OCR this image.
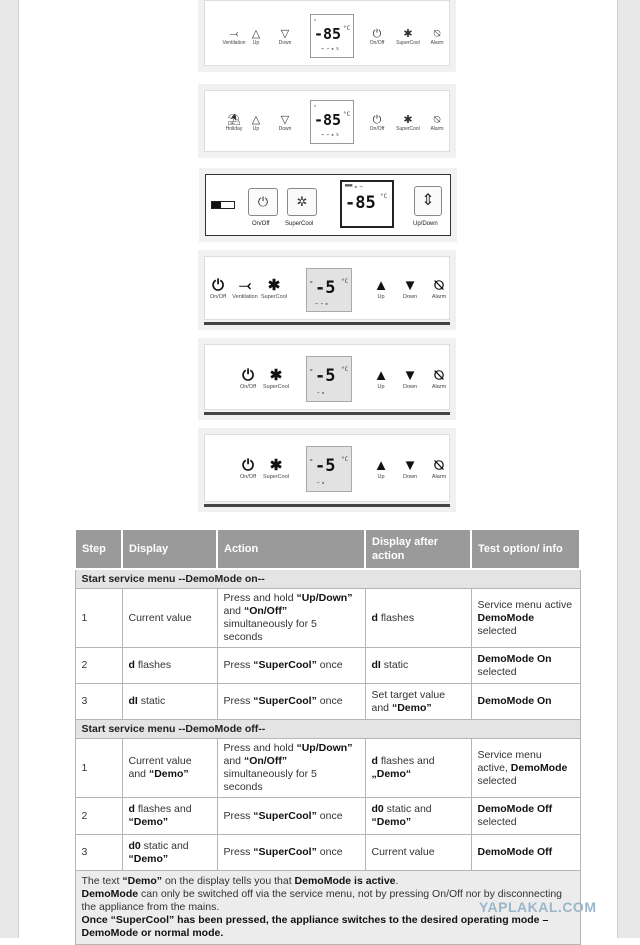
⤙
Ventilation
△
Up
▽
Down
⌂
-85 °C
⤙ ↩ ✱ ⍉
⏻
On/Off
✱
SuperCool
⍉
Alarm
⛱
Holiday
△
Up
▽
Down
⌂
-85 °C
⤙ ↩ ✱ ⍉
⏻
On/Off
✱
SuperCool
⍉
Alarm
⏻	✲
On/Off	SuperCool
▀▀▀ ✱ ⤙
-85 °C	⇕
Up/Down
⏻
On/Off
⤙
Ventilation
✱
SuperCool
▬ -5 °C
⤙ ↩ ✱
▲
Up
▼
Down
⍉
Alarm
⏻
On/Off
✱
SuperCool
▬ -5 °C
↩ ✱
▲
Up
▼
Down
⍉
Alarm
⏻
On/Off
✱
SuperCool
▬ -5 °C
↩ ✱
▲
Up
▼
Down
⍉
Alarm
Step	Display	Action	Display after action	Test option/ info
Start service menu --DemoMode on--				
1	Current value	Press and hold “Up/Down” and “On/Off” simultaneously for 5 seconds	d flashes	Service menu active DemoMode selected
2	d flashes	Press “SuperCool” once	dI static	DemoMode On selected
3	dI static	Press “SuperCool” once	Set target value and “Demo”	DemoMode On
Start service menu --DemoMode off--				
1	Current value and “Demo”	Press and hold “Up/Down” and “On/Off” simultaneously for 5 seconds	d flashes and „Demo“	Service menu active, DemoMode selected
2	d flashes and “Demo”	Press “SuperCool” once	d0 static and “Demo”	DemoMode Off selected
3	d0 static and “Demo”	Press “SuperCool” once	Current value	DemoMode Off
The text “Demo” on the display tells you that DemoMode is active.
DemoMode can only be switched off via the service menu, not by pressing On/Off nor by disconnecting the appliance from the mains.
Once “SuperCool” has been pressed, the appliance switches to the desired operating mode – DemoMode or normal mode.				
YAPLAKAL.COM
